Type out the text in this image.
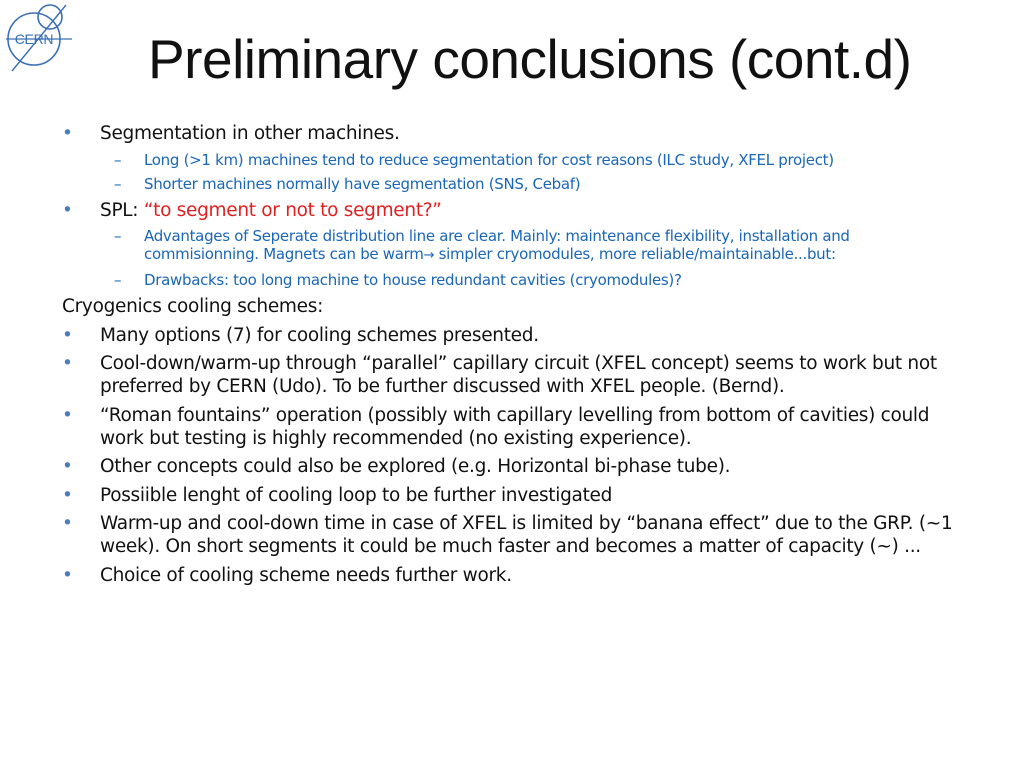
CERN Preliminary conclusions (cont.d)
• Segmentation in other machines.
– Long (>1 km) machines tend to reduce segmentation for cost reasons (ILC study, XFEL project)
– Shorter machines normally have segmentation (SNS, Cebaf)
• SPL: “to segment or not to segment?”
– Advantages of Seperate distribution line are clear. Mainly: maintenance flexibility, installation and commisionning. Magnets can be warm→ simpler cryomodules, more reliable/maintainable...but:
– Drawbacks: too long machine to house redundant cavities (cryomodules)?
Cryogenics cooling schemes:
• Many options (7) for cooling schemes presented.
• Cool-down/warm-up through “parallel” capillary circuit (XFEL concept) seems to work but not preferred by CERN (Udo). To be further discussed with XFEL people. (Bernd).
• “Roman fountains” operation (possibly with capillary levelling from bottom of cavities) could work but testing is highly recommended (no existing experience).
• Other concepts could also be explored (e.g. Horizontal bi-phase tube).
• Possiible lenght of cooling loop to be further investigated
• Warm-up and cool-down time in case of XFEL is limited by “banana effect” due to the GRP. (~1 week). On short segments it could be much faster and becomes a matter of capacity (~) ...
• Choice of cooling scheme needs further work.
